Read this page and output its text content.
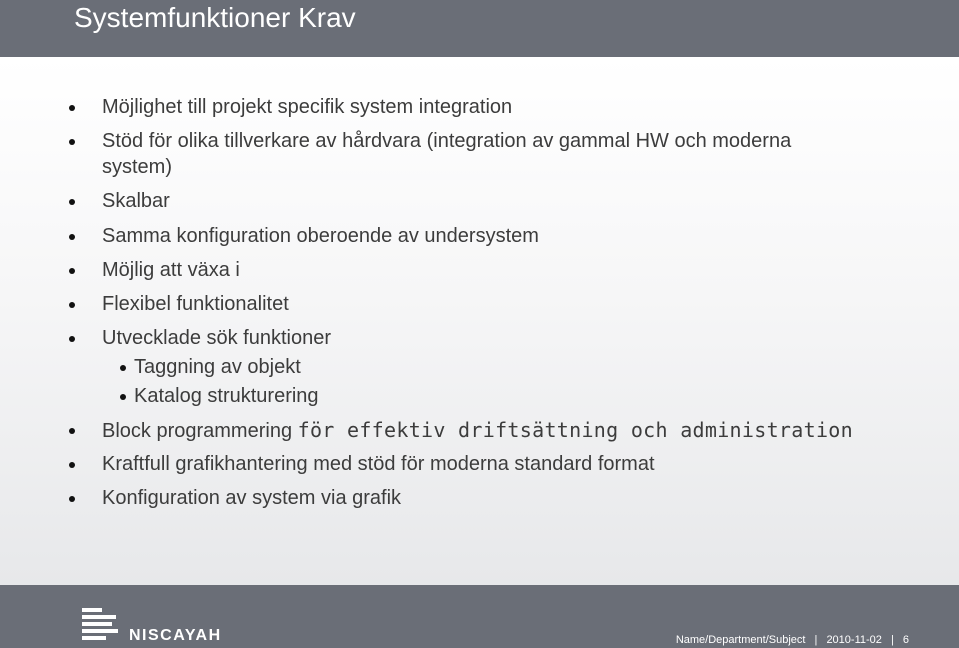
Systemfunktioner Krav
Möjlighet till projekt specifik system integration
Stöd för olika tillverkare av hårdvara (integration av gammal HW och moderna system)
Skalbar
Samma konfiguration oberoende av undersystem
Möjlig att växa i
Flexibel funktionalitet
Utvecklade sök funktioner
Taggning av objekt
Katalog strukturering
Block programmering för effektiv driftsättning och administration
Kraftfull grafikhantering med stöd för moderna standard format
Konfiguration av system via grafik
NISCAYAH	Name/Department/Subject | 2010-11-02 | 6
